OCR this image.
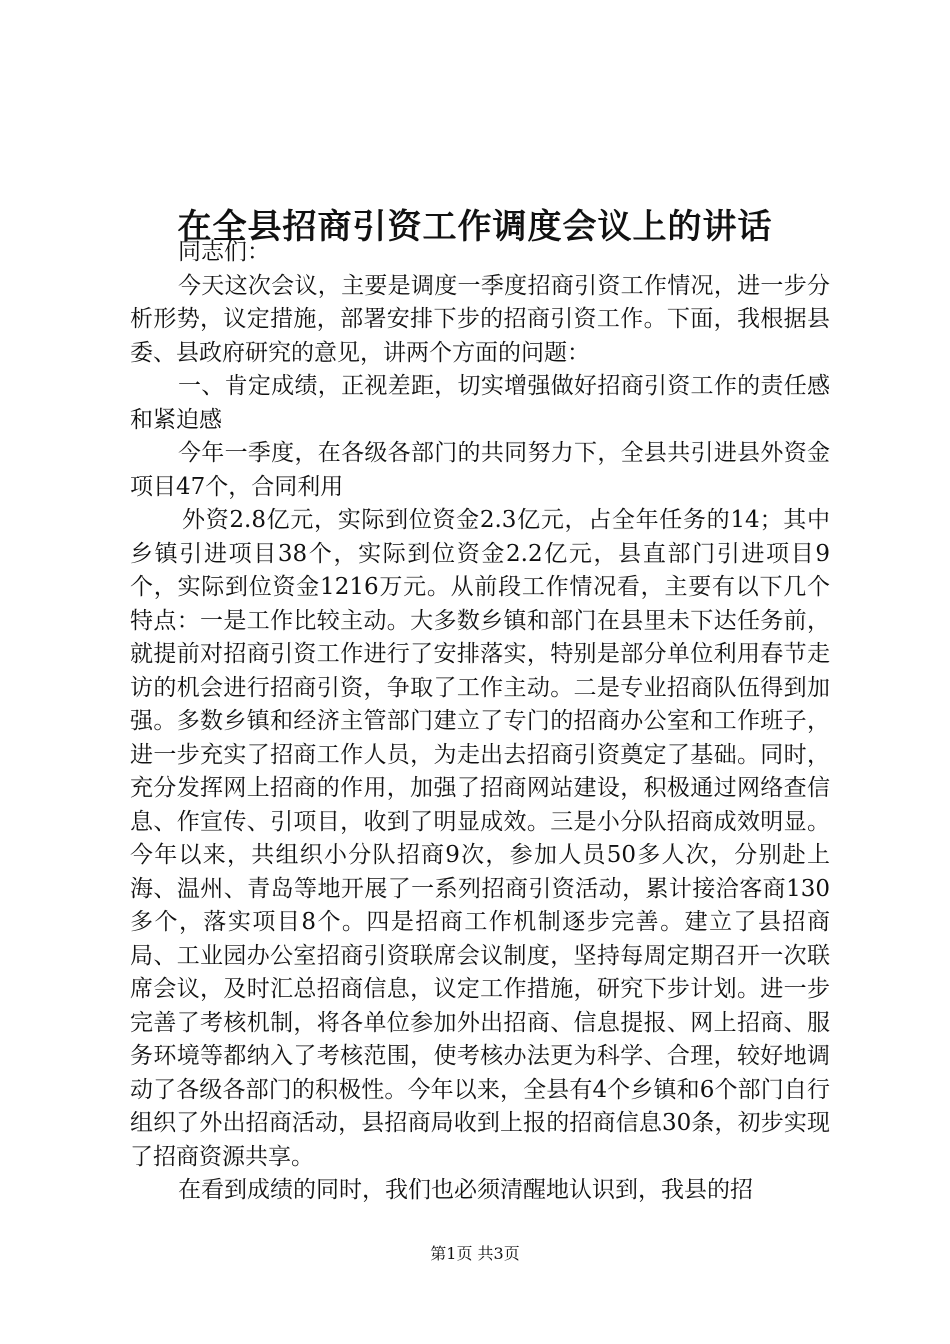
在全县招商引资工作调度会议上的讲话

同志们：

今天这次会议，主要是调度一季度招商引资工作情况，进一步分析形势，议定措施，部署安排下步的招商引资工作。下面，我根据县委、县政府研究的意见，讲两个方面的问题：

一、肯定成绩，正视差距，切实增强做好招商引资工作的责任感和紧迫感

今年一季度，在各级各部门的共同努力下，全县共引进县外资金项目47个，合同利用

外资2.8亿元，实际到位资金2.3亿元，占全年任务的14；其中乡镇引进项目38个，实际到位资金2.2亿元，县直部门引进项目9个，实际到位资金1216万元。从前段工作情况看，主要有以下几个特点：一是工作比较主动。大多数乡镇和部门在县里未下达任务前，就提前对招商引资工作进行了安排落实，特别是部分单位利用春节走访的机会进行招商引资，争取了工作主动。二是专业招商队伍得到加强。多数乡镇和经济主管部门建立了专门的招商办公室和工作班子，进一步充实了招商工作人员，为走出去招商引资奠定了基础。同时，充分发挥网上招商的作用，加强了招商网站建设，积极通过网络查信息、作宣传、引项目，收到了明显成效。三是小分队招商成效明显。今年以来，共组织小分队招商9次，参加人员50多人次，分别赴上海、温州、青岛等地开展了一系列招商引资活动，累计接洽客商130多个，落实项目8个。四是招商工作机制逐步完善。建立了县招商局、工业园办公室招商引资联席会议制度，坚持每周定期召开一次联席会议，及时汇总招商信息，议定工作措施，研究下步计划。进一步完善了考核机制，将各单位参加外出招商、信息提报、网上招商、服务环境等都纳入了考核范围，使考核办法更为科学、合理，较好地调动了各级各部门的积极性。今年以来，全县有4个乡镇和6个部门自行组织了外出招商活动，县招商局收到上报的招商信息30条，初步实现了招商资源共享。

在看到成绩的同时，我们也必须清醒地认识到，我县的招

第1页 共3页
